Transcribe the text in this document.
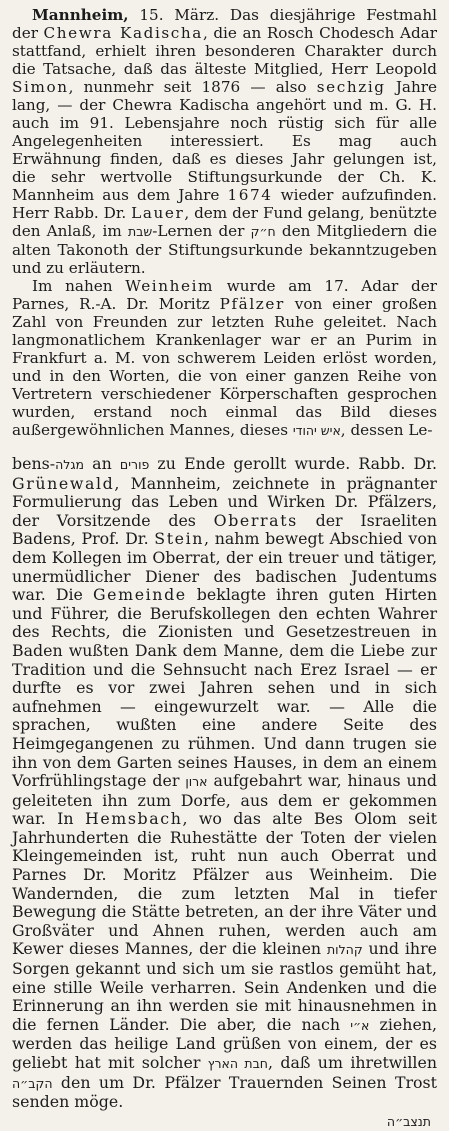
Mannheim, 15. März. Das diesjährige Festmahl der Chewra Kadischa, die an Rosch Chodesch Adar stattfand, erhielt ihren besonderen Charakter durch die Tatsache, daß das älteste Mitglied, Herr Leopold Simon, nunmehr seit 1876 — also sechzig Jahre lang, — der Chewra Kadischa angehört und m. G. H. auch im 91. Lebensjahre noch rüstig sich für alle Angelegenheiten interessiert. Es mag auch Erwähnung finden, daß es dieses Jahr gelungen ist, die sehr wertvolle Stiftungsurkunde der Ch. K. Mannheim aus dem Jahre 1674 wieder aufzufinden. Herr Rabb. Dr. Lauer, dem der Fund gelang, benützte den Anlaß, im שבת-Lernen der ח״ק den Mitgliedern die alten Takonoth der Stiftungsurkunde bekanntzugeben und zu erläutern.

Im nahen Weinheim wurde am 17. Adar der Parnes, R.-A. Dr. Moritz Pfälzer von einer großen Zahl von Freunden zur letzten Ruhe geleitet. Nach langmonatlichem Krankenlager war er an Purim in Frankfurt a. M. von schwerem Leiden erlöst worden, und in den Worten, die von einer ganzen Reihe von Vertretern verschiedener Körperschaften gesprochen wurden, erstand noch einmal das Bild dieses außergewöhnlichen Mannes, dieses איש יהודי, dessen Le-

bens-מגלה an פורים zu Ende gerollt wurde. Rabb. Dr. Grünewald, Mannheim, zeichnete in prägnanter Formulierung das Leben und Wirken Dr. Pfälzers, der Vorsitzende des Oberrats der Israeliten Badens, Prof. Dr. Stein, nahm bewegt Abschied von dem Kollegen im Oberrat, der ein treuer und tätiger, unermüdlicher Diener des badischen Judentums war. Die Gemeinde beklagte ihren guten Hirten und Führer, die Berufskollegen den echten Wahrer des Rechts, die Zionisten und Gesetzestreuen in Baden wußten Dank dem Manne, dem die Liebe zur Tradition und die Sehnsucht nach Erez Israel — er durfte es vor zwei Jahren sehen und in sich aufnehmen — eingewurzelt war. — Alle die sprachen, wußten eine andere Seite des Heimgegangenen zu rühmen. Und dann trugen sie ihn von dem Garten seines Hauses, in dem an einem Vorfrühlingstage der ארון aufgebahrt war, hinaus und geleiteten ihn zum Dorfe, aus dem er gekommen war. In Hemsbach, wo das alte Bes Olom seit Jahrhunderten die Ruhestätte der Toten der vielen Kleingemeinden ist, ruht nun auch Oberrat und Parnes Dr. Moritz Pfälzer aus Weinheim. Die Wandernden, die zum letzten Mal in tiefer Bewegung die Stätte betreten, an der ihre Väter und Großväter und Ahnen ruhen, werden auch am Kewer dieses Mannes, der die kleinen קהלות und ihre Sorgen gekannt und sich um sie rastlos gemüht hat, eine stille Weile verharren. Sein Andenken und die Erinnerung an ihn werden sie mit hinausnehmen in die fernen Länder. Die aber, die nach א״י ziehen, werden das heilige Land grüßen von einem, der es geliebt hat mit solcher חבת הארץ, daß um ihretwillen הקב״ה den um Dr. Pfälzer Trauernden Seinen Trost senden möge.

תנצב״ה
